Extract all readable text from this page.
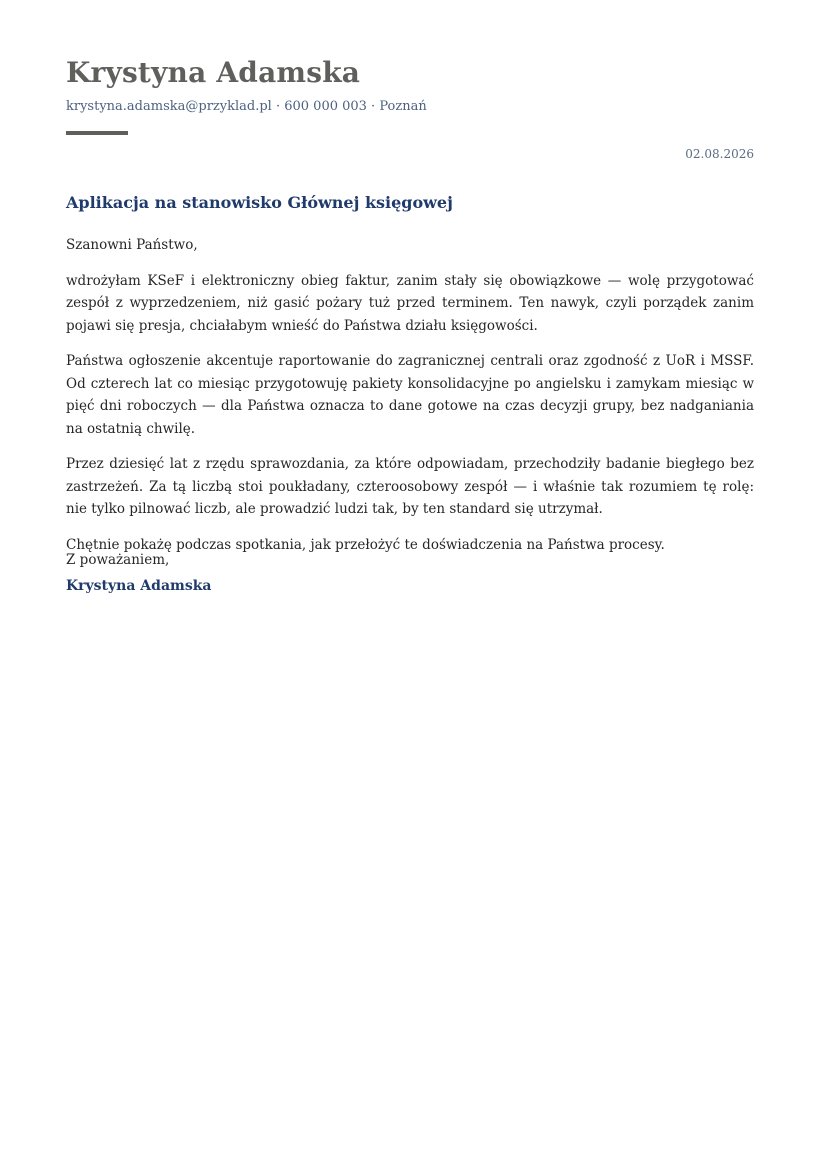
Krystyna Adamska
krystyna.adamska@przyklad.pl · 600 000 003 · Poznań
02.08.2026
Aplikacja na stanowisko Głównej księgowej

Szanowni Państwo,

wdrożyłam KSeF i elektroniczny obieg faktur, zanim stały się obowiązkowe — wolę przygotować zespół z wyprzedzeniem, niż gasić pożary tuż przed terminem. Ten nawyk, czyli porządek zanim pojawi się presja, chciałabym wnieść do Państwa działu księgowości.

Państwa ogłoszenie akcentuje raportowanie do zagranicznej centrali oraz zgodność z UoR i MSSF. Od czterech lat co miesiąc przygotowuję pakiety konsolidacyjne po angielsku i zamykam miesiąc w pięć dni roboczych — dla Państwa oznacza to dane gotowe na czas decyzji grupy, bez nadganiania na ostatnią chwilę.

Przez dziesięć lat z rzędu sprawozdania, za które odpowiadam, przechodziły badanie biegłego bez zastrzeżeń. Za tą liczbą stoi poukładany, czteroosobowy zespół — i właśnie tak rozumiem tę rolę: nie tylko pilnować liczb, ale prowadzić ludzi tak, by ten standard się utrzymał.

Chętnie pokażę podczas spotkania, jak przełożyć te doświadczenia na Państwa procesy.

Z poważaniem,
Krystyna Adamska
